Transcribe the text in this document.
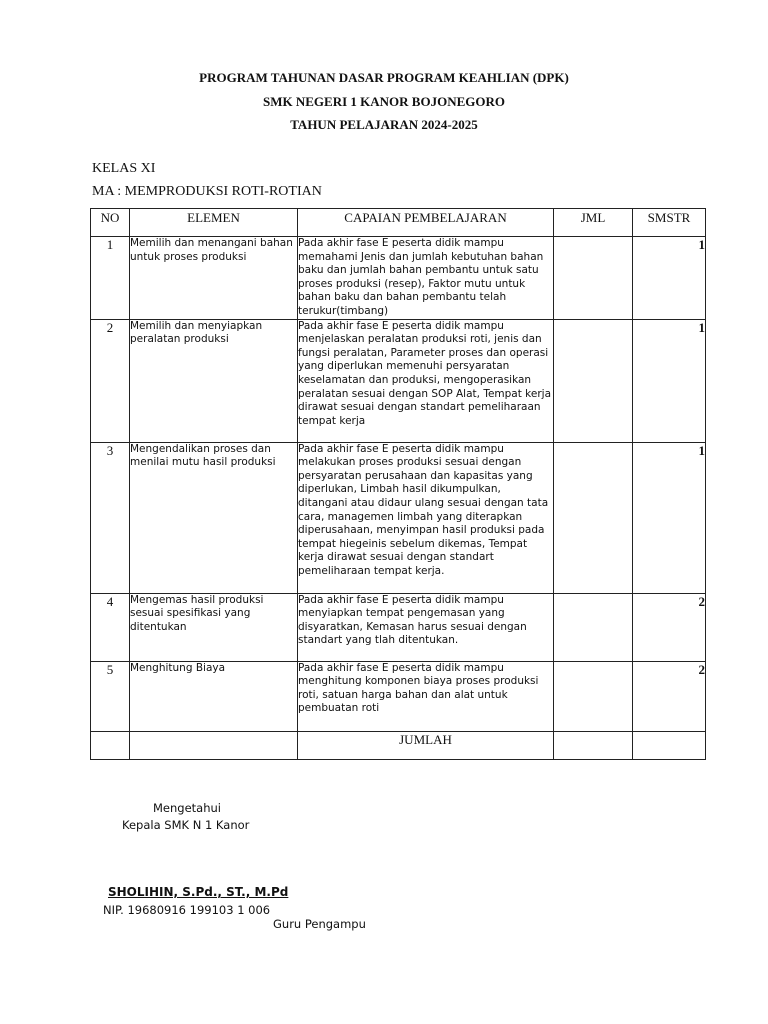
PROGRAM TAHUNAN DASAR PROGRAM KEAHLIAN (DPK)
SMK NEGERI 1 KANOR BOJONEGORO
TAHUN PELAJARAN 2024-2025
KELAS XI
MA : MEMPRODUKSI ROTI-ROTIAN
NO	ELEMEN	CAPAIAN PEMBELAJARAN	JML	SMSTR
1	Memilih dan menangani bahan untuk proses produksi	Pada akhir fase E peserta didik mampu memahami Jenis dan jumlah kebutuhan bahan baku dan jumlah bahan pembantu untuk satu proses produksi (resep), Faktor mutu untuk bahan baku dan bahan pembantu telah terukur(timbang)		1
2	Memilih dan menyiapkan peralatan produksi	Pada akhir fase E peserta didik mampu menjelaskan peralatan produksi roti, jenis dan fungsi peralatan, Parameter proses dan operasi yang diperlukan memenuhi persyaratan keselamatan dan produksi, mengoperasikan peralatan sesuai dengan SOP Alat, Tempat kerja dirawat sesuai dengan standart pemeliharaan tempat kerja		1
3	Mengendalikan proses dan menilai mutu hasil produksi	Pada akhir fase E peserta didik mampu melakukan proses produksi sesuai dengan persyaratan perusahaan dan kapasitas yang diperlukan, Limbah hasil dikumpulkan, ditangani atau didaur ulang sesuai dengan tata cara, managemen limbah yang diterapkan diperusahaan, menyimpan hasil produksi pada tempat hiegeinis sebelum dikemas, Tempat kerja dirawat sesuai dengan standart pemeliharaan tempat kerja.		1
4	Mengemas hasil produksi sesuai spesifikasi yang ditentukan	Pada akhir fase E peserta didik mampu menyiapkan tempat pengemasan yang disyaratkan, Kemasan harus sesuai dengan standart yang tlah ditentukan.		2
5	Menghitung Biaya	Pada akhir fase E peserta didik mampu menghitung komponen biaya proses produksi roti, satuan harga bahan dan alat untuk pembuatan roti		2
		JUMLAH		
Mengetahui
Kepala SMK N 1 Kanor
SHOLIHIN, S.Pd., ST., M.Pd
NIP. 19680916 199103 1 006
Guru Pengampu
